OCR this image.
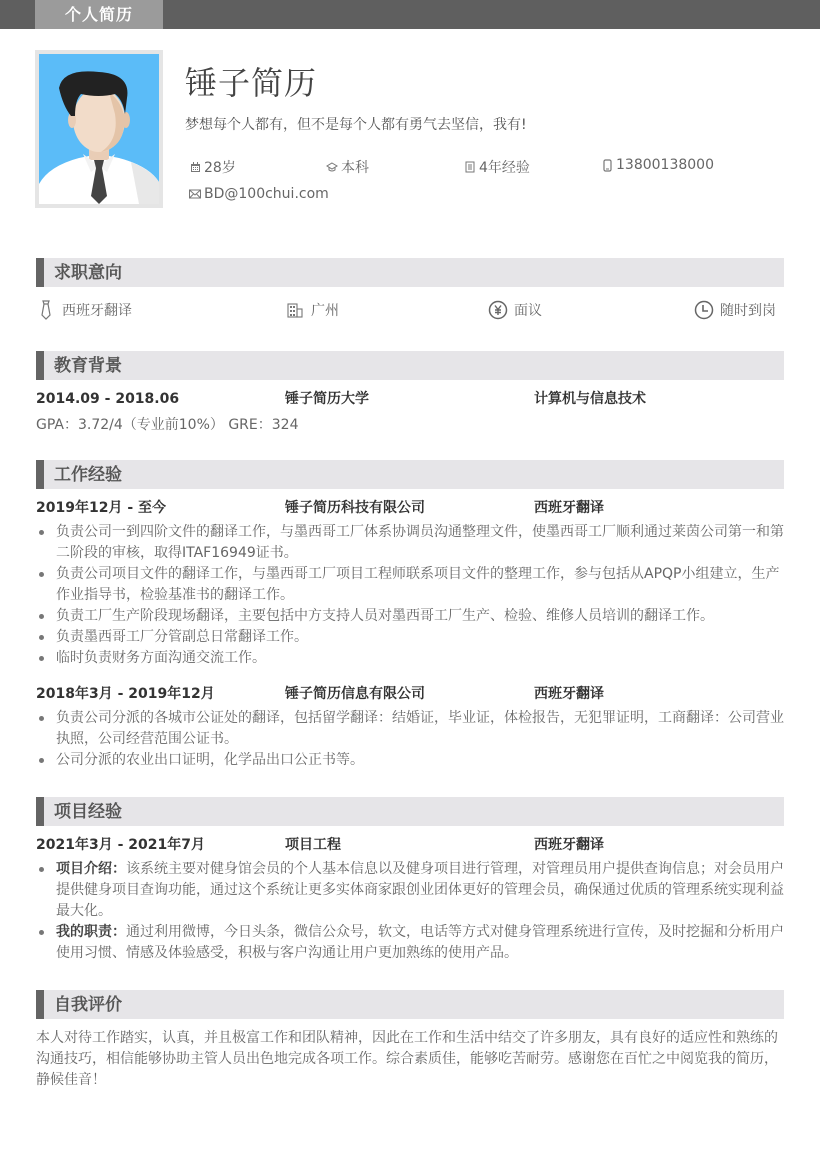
个人简历
锤子简历
梦想每个人都有，但不是每个人都有勇气去坚信，我有!
28岁	本科	4年经验	13800138000
BD@100chui.com
求职意向
西班牙翻译	广州	面议	随时到岗
教育背景
2014.09 - 2018.06	锤子简历大学	计算机与信息技术
GPA：3.72/4（专业前10%） GRE：324
工作经验
2019年12月 - 至今	锤子简历科技有限公司	西班牙翻译
负责公司一到四阶文件的翻译工作，与墨西哥工厂体系协调员沟通整理文件，使墨西哥工厂顺利通过莱茵公司第一和第二阶段的审核，取得ITAF16949证书。
负责公司项目文件的翻译工作，与墨西哥工厂项目工程师联系项目文件的整理工作，参与包括从APQP小组建立，生产作业指导书，检验基准书的翻译工作。
负责工厂生产阶段现场翻译，主要包括中方支持人员对墨西哥工厂生产、检验、维修人员培训的翻译工作。
负责墨西哥工厂分管副总日常翻译工作。
临时负责财务方面沟通交流工作。
2018年3月 - 2019年12月	锤子简历信息有限公司	西班牙翻译
负责公司分派的各城市公证处的翻译，包括留学翻译：结婚证，毕业证，体检报告，无犯罪证明，工商翻译：公司营业执照，公司经营范围公证书。
公司分派的农业出口证明，化学品出口公正书等。
项目经验
2021年3月 - 2021年7月	项目工程	西班牙翻译
项目介绍：该系统主要对健身馆会员的个人基本信息以及健身项目进行管理，对管理员用户提供查询信息；对会员用户提供健身项目查询功能，通过这个系统让更多实体商家跟创业团体更好的管理会员，确保通过优质的管理系统实现利益最大化。
我的职责：通过利用微博，今日头条，微信公众号，软文，电话等方式对健身管理系统进行宣传，及时挖掘和分析用户使用习惯、情感及体验感受，积极与客户沟通让用户更加熟练的使用产品。
自我评价
本人对待工作踏实，认真，并且极富工作和团队精神，因此在工作和生活中结交了许多朋友，具有良好的适应性和熟练的沟通技巧，相信能够协助主管人员出色地完成各项工作。综合素质佳，能够吃苦耐劳。感谢您在百忙之中阅览我的简历，静候佳音！
